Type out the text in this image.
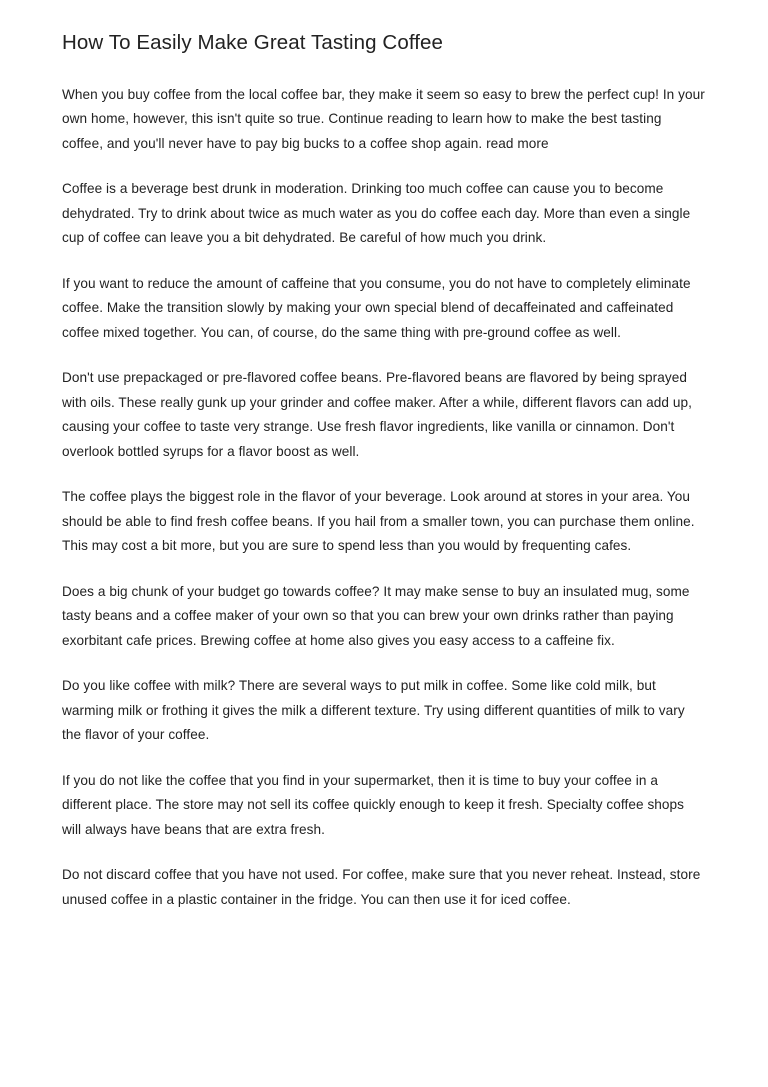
How To Easily Make Great Tasting Coffee

When you buy coffee from the local coffee bar, they make it seem so easy to brew the perfect cup! In your own home, however, this isn't quite so true. Continue reading to learn how to make the best tasting coffee, and you'll never have to pay big bucks to a coffee shop again. read more

Coffee is a beverage best drunk in moderation. Drinking too much coffee can cause you to become dehydrated. Try to drink about twice as much water as you do coffee each day. More than even a single cup of coffee can leave you a bit dehydrated. Be careful of how much you drink.

If you want to reduce the amount of caffeine that you consume, you do not have to completely eliminate coffee. Make the transition slowly by making your own special blend of decaffeinated and caffeinated coffee mixed together. You can, of course, do the same thing with pre-ground coffee as well.

Don't use prepackaged or pre-flavored coffee beans. Pre-flavored beans are flavored by being sprayed with oils. These really gunk up your grinder and coffee maker. After a while, different flavors can add up, causing your coffee to taste very strange. Use fresh flavor ingredients, like vanilla or cinnamon. Don't overlook bottled syrups for a flavor boost as well.

The coffee plays the biggest role in the flavor of your beverage. Look around at stores in your area. You should be able to find fresh coffee beans. If you hail from a smaller town, you can purchase them online. This may cost a bit more, but you are sure to spend less than you would by frequenting cafes.

Does a big chunk of your budget go towards coffee? It may make sense to buy an insulated mug, some tasty beans and a coffee maker of your own so that you can brew your own drinks rather than paying exorbitant cafe prices. Brewing coffee at home also gives you easy access to a caffeine fix.

Do you like coffee with milk? There are several ways to put milk in coffee. Some like cold milk, but warming milk or frothing it gives the milk a different texture. Try using different quantities of milk to vary the flavor of your coffee.

If you do not like the coffee that you find in your supermarket, then it is time to buy your coffee in a different place. The store may not sell its coffee quickly enough to keep it fresh. Specialty coffee shops will always have beans that are extra fresh.

Do not discard coffee that you have not used. For coffee, make sure that you never reheat. Instead, store unused coffee in a plastic container in the fridge. You can then use it for iced coffee.
